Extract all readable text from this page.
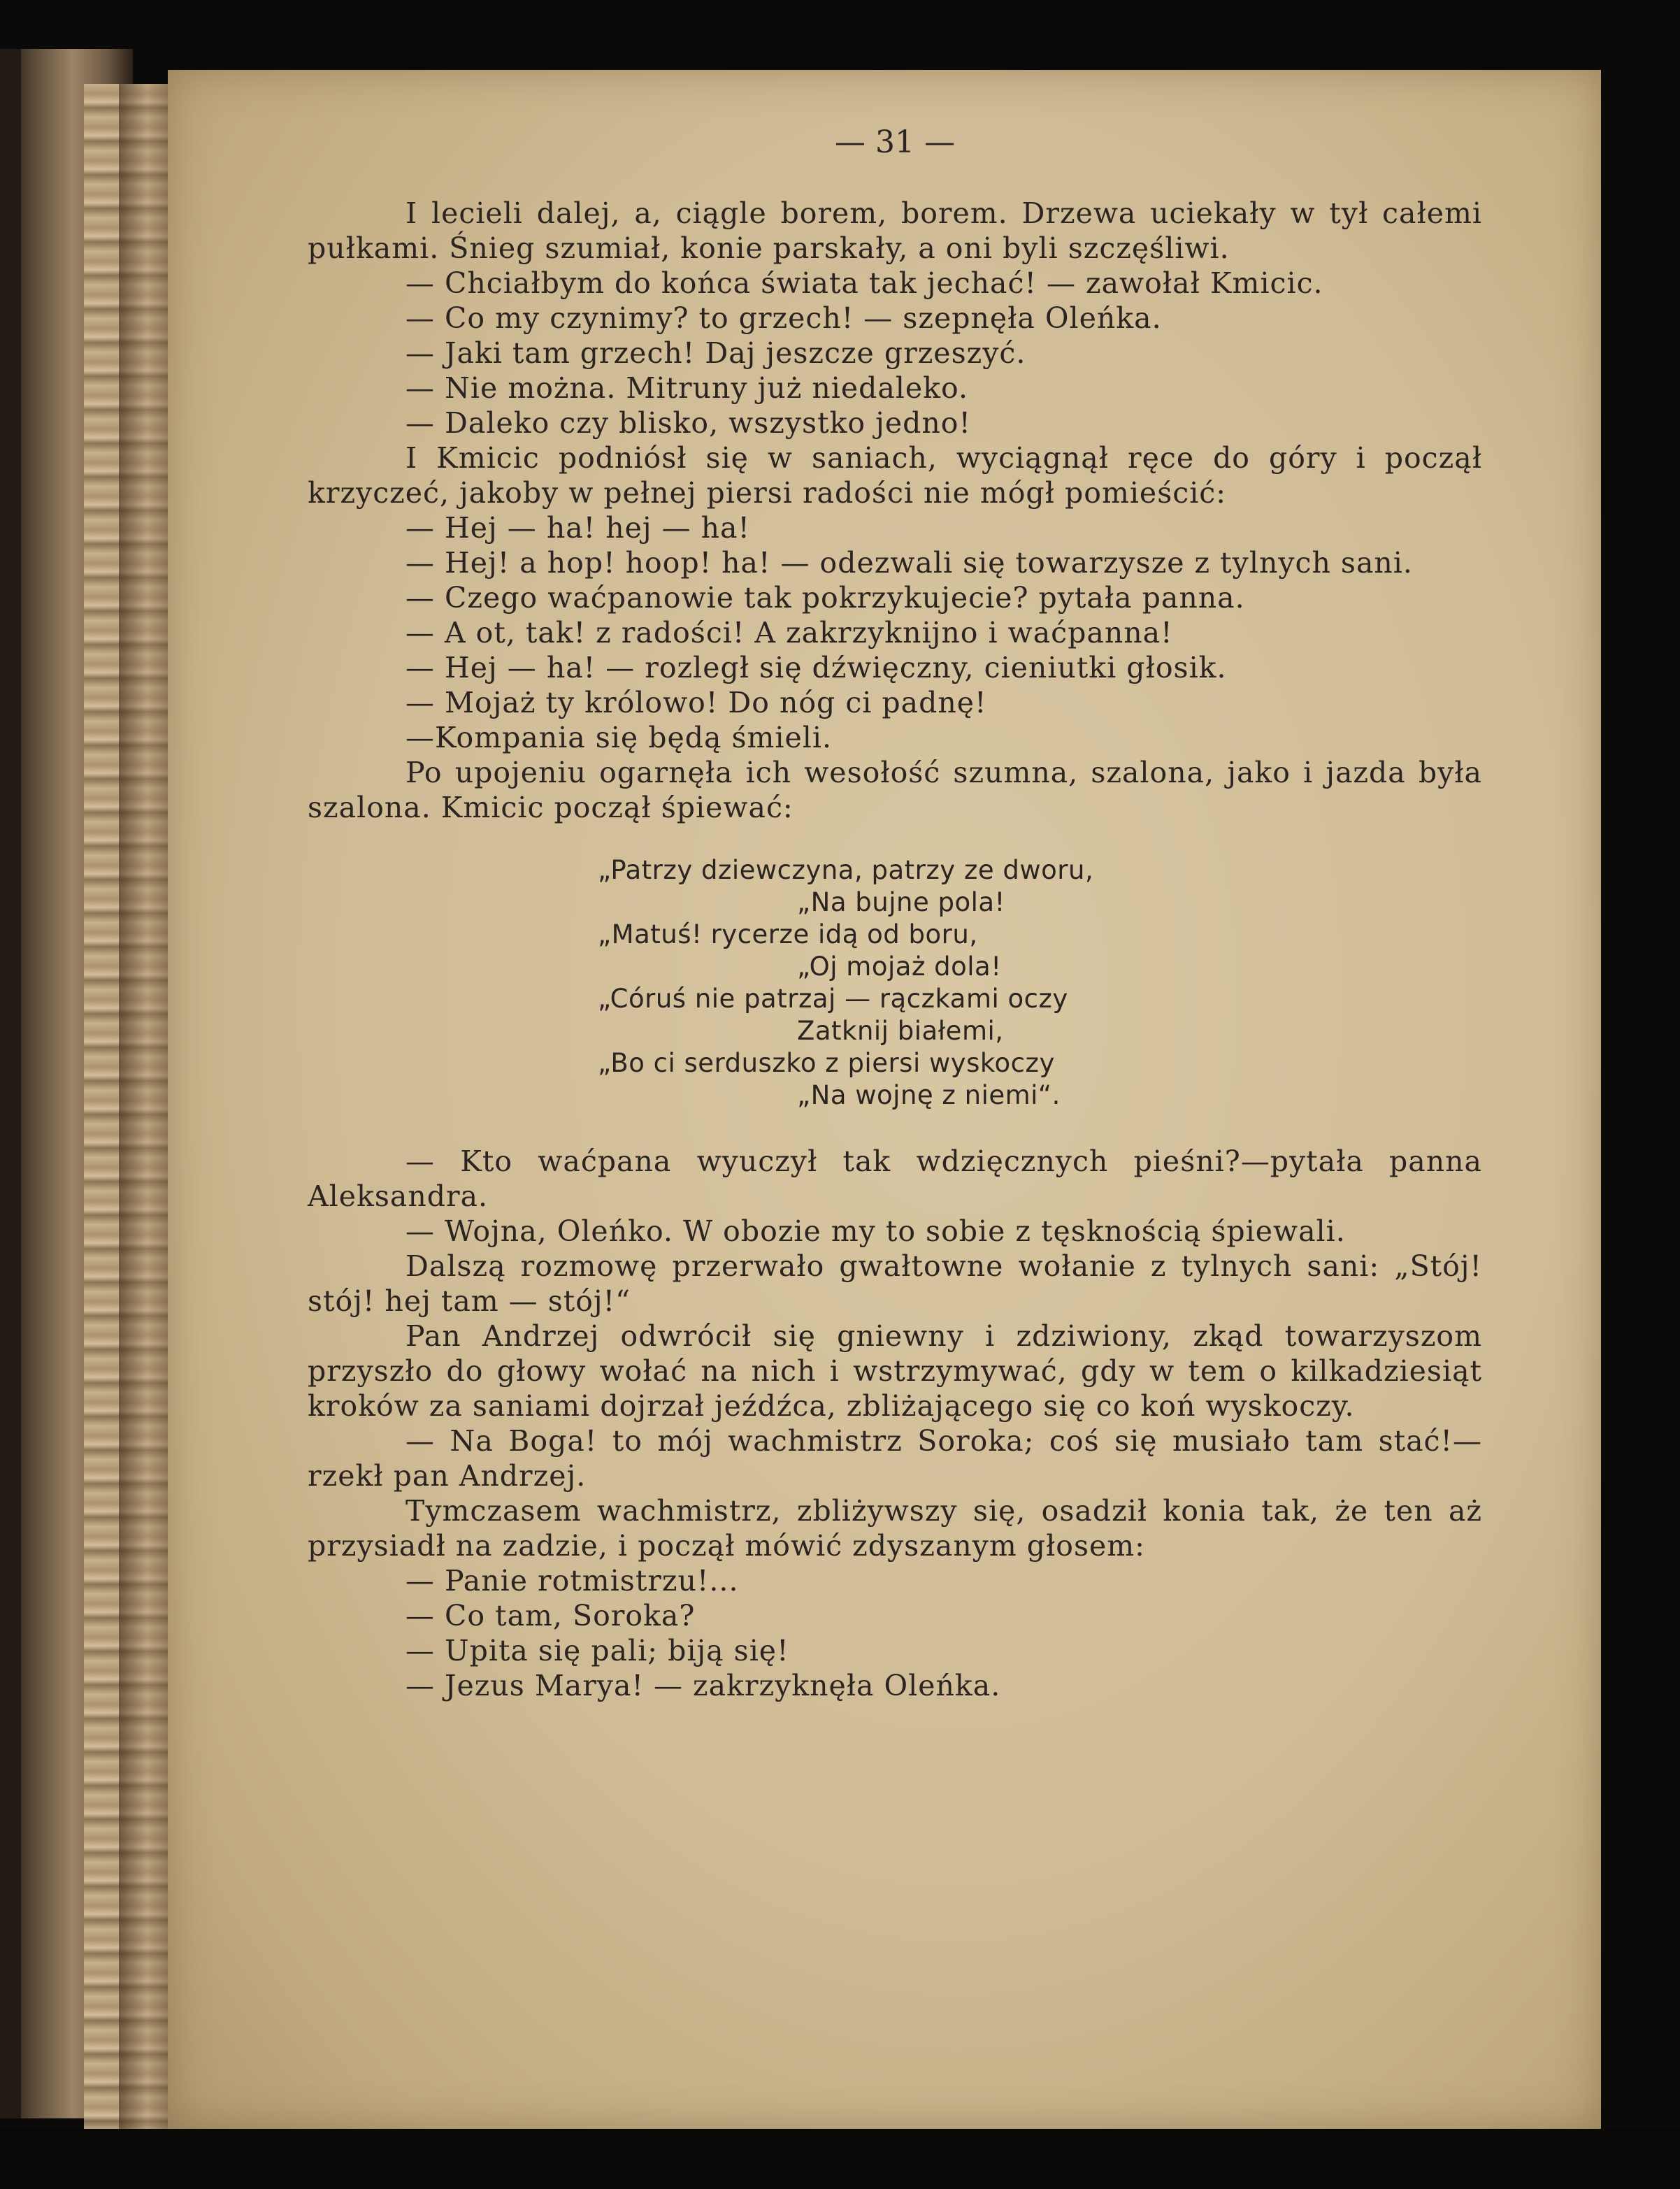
— 31 —

I lecieli dalej, a, ciągle borem, borem. Drzewa uciekały w tył całemi pułkami. Śnieg szumiał, konie parskały, a oni byli szczęśliwi.

— Chciałbym do końca świata tak jechać! — zawołał Kmicic.

— Co my czynimy? to grzech! — szepnęła Oleńka.

— Jaki tam grzech! Daj jeszcze grzeszyć.

— Nie można. Mitruny już niedaleko.

— Daleko czy blisko, wszystko jedno!

I Kmicic podniósł się w saniach, wyciągnął ręce do góry i począł krzyczeć, jakoby w pełnej piersi radości nie mógł pomieścić:

— Hej — ha! hej — ha!

— Hej! a hop! hoop! ha! — odezwali się towarzysze z tylnych sani.

— Czego waćpanowie tak pokrzykujecie? pytała panna.

— A ot, tak! z radości! A zakrzyknijno i waćpanna!

— Hej — ha! — rozległ się dźwięczny, cieniutki głosik.

— Mojaż ty królowo! Do nóg ci padnę!

—Kompania się będą śmieli.

Po upojeniu ogarnęła ich wesołość szumna, szalona, jako i jazda była szalona. Kmicic począł śpiewać:

„Patrzy dziewczyna, patrzy ze dworu,
„Na bujne pola!
„Matuś! rycerze idą od boru,
„Oj mojaż dola!
„Córuś nie patrzaj — rączkami oczy
Zatknij białemi,
„Bo ci serduszko z piersi wyskoczy
„Na wojnę z niemi“.

— Kto waćpana wyuczył tak wdzięcznych pieśni?—pytała panna Aleksandra.

— Wojna, Oleńko. W obozie my to sobie z tęsknością śpiewali.

Dalszą rozmowę przerwało gwałtowne wołanie z tylnych sani: „Stój! stój! hej tam — stój!“

Pan Andrzej odwrócił się gniewny i zdziwiony, zkąd towarzyszom przyszło do głowy wołać na nich i wstrzymywać, gdy w tem o kilkadziesiąt kroków za saniami dojrzał jeźdźca, zbliżającego się co koń wyskoczy.

— Na Boga! to mój wachmistrz Soroka; coś się musiało tam stać!—rzekł pan Andrzej.

Tymczasem wachmistrz, zbliżywszy się, osadził konia tak, że ten aż przysiadł na zadzie, i począł mówić zdyszanym głosem:

— Panie rotmistrzu!...

— Co tam, Soroka?

— Upita się pali; biją się!

— Jezus Marya! — zakrzyknęła Oleńka.
